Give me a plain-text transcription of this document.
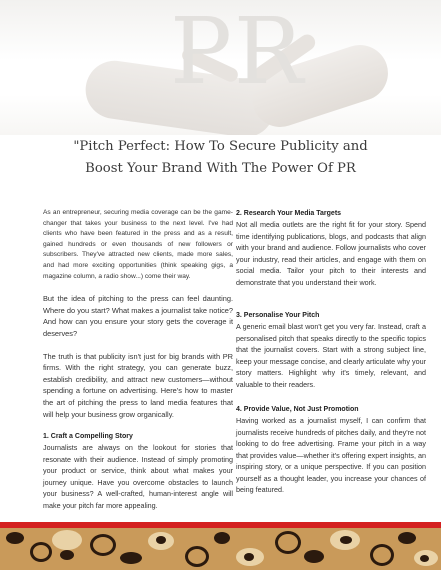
PR
"Pitch Perfect: How To Secure Publicity and
Boost Your Brand With The Power Of PR

As an entrepreneur, securing media coverage can be the game-changer that takes your business to the next level. I've had clients who have been featured in the press and as a result, gained hundreds or even thousands of new followers or subscribers. They've attracted new clients, made more sales, and had more exciting opportunities (think speaking gigs, a magazine column, a radio show...) come their way.

But the idea of pitching to the press can feel daunting. Where do you start? What makes a journalist take notice? And how can you ensure your story gets the coverage it deserves?

The truth is that publicity isn't just for big brands with PR firms. With the right strategy, you can generate buzz, establish credibility, and attract new customers—without spending a fortune on advertising. Here's how to master the art of pitching the press to land media features that will help your business grow organically.

1. Craft a Compelling Story

Journalists are always on the lookout for stories that resonate with their audience. Instead of simply promoting your product or service, think about what makes your journey unique. Have you overcome obstacles to launch your business? A well-crafted, human-interest angle will make your pitch far more appealing.

2. Research Your Media Targets

Not all media outlets are the right fit for your story. Spend time identifying publications, blogs, and podcasts that align with your brand and audience. Follow journalists who cover your industry, read their articles, and engage with them on social media. Tailor your pitch to their interests and demonstrate that you understand their work.

3. Personalise Your Pitch

A generic email blast won't get you very far. Instead, craft a personalised pitch that speaks directly to the specific topics that the journalist covers. Start with a strong subject line, keep your message concise, and clearly articulate why your story matters. Highlight why it's timely, relevant, and valuable to their readers.

4. Provide Value, Not Just Promotion

Having worked as a journalist myself, I can confirm that journalists receive hundreds of pitches daily, and they're not looking to do free advertising. Frame your pitch in a way that provides value—whether it's offering expert insights, an inspiring story, or a unique perspective. If you can position yourself as a thought leader, you increase your chances of being featured.
